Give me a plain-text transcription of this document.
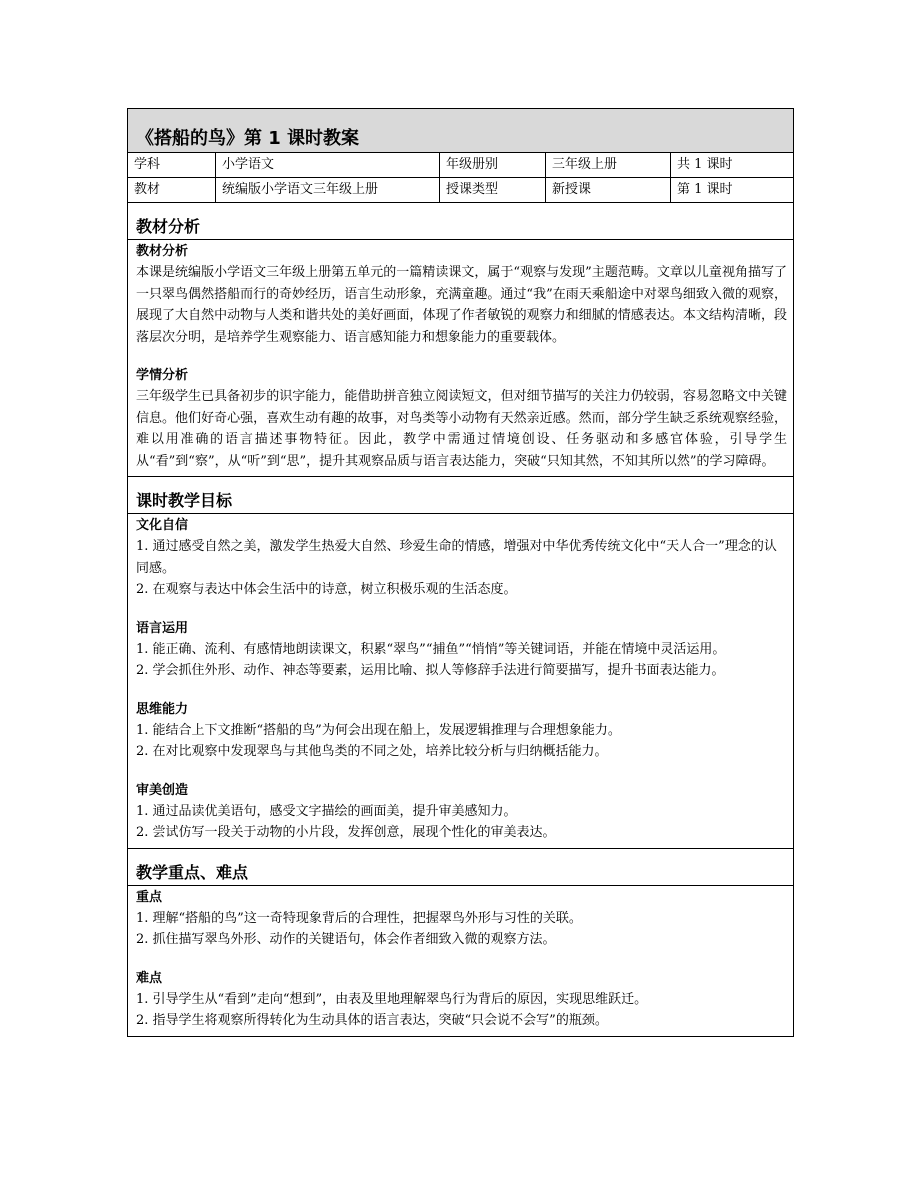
《搭船的鸟》第 1 课时教案
学科	小学语文	年级册别	三年级上册	共 1 课时
教材	统编版小学语文三年级上册	授课类型	新授课	第 1 课时
教材分析
教材分析
本课是统编版小学语文三年级上册第五单元的一篇精读课文，属于“观察与发现”主题范畴。文章以儿童视角描写了一只翠鸟偶然搭船而行的奇妙经历，语言生动形象，充满童趣。通过“我”在雨天乘船途中对翠鸟细致入微的观察，展现了大自然中动物与人类和谐共处的美好画面，体现了作者敏锐的观察力和细腻的情感表达。本文结构清晰，段落层次分明，是培养学生观察能力、语言感知能力和想象能力的重要载体。
学情分析
三年级学生已具备初步的识字能力，能借助拼音独立阅读短文，但对细节描写的关注力仍较弱，容易忽略文中关键信息。他们好奇心强，喜欢生动有趣的故事，对鸟类等小动物有天然亲近感。然而，部分学生缺乏系统观察经验，难以用准确的语言描述事物特征。因此，教学中需通过情境创设、任务驱动和多感官体验，引导学生从“看”到“察”，从“听”到“思”，提升其观察品质与语言表达能力，突破“只知其然，不知其所以然”的学习障碍。
课时教学目标
文化自信
1. 通过感受自然之美，激发学生热爱大自然、珍爱生命的情感，增强对中华优秀传统文化中“天人合一”理念的认同感。
2. 在观察与表达中体会生活中的诗意，树立积极乐观的生活态度。
语言运用
1. 能正确、流利、有感情地朗读课文，积累“翠鸟”“捕鱼”“悄悄”等关键词语，并能在情境中灵活运用。
2. 学会抓住外形、动作、神态等要素，运用比喻、拟人等修辞手法进行简要描写，提升书面表达能力。
思维能力
1. 能结合上下文推断“搭船的鸟”为何会出现在船上，发展逻辑推理与合理想象能力。
2. 在对比观察中发现翠鸟与其他鸟类的不同之处，培养比较分析与归纳概括能力。
审美创造
1. 通过品读优美语句，感受文字描绘的画面美，提升审美感知力。
2. 尝试仿写一段关于动物的小片段，发挥创意，展现个性化的审美表达。
教学重点、难点
重点
1. 理解“搭船的鸟”这一奇特现象背后的合理性，把握翠鸟外形与习性的关联。
2. 抓住描写翠鸟外形、动作的关键语句，体会作者细致入微的观察方法。
难点
1. 引导学生从“看到”走向“想到”，由表及里地理解翠鸟行为背后的原因，实现思维跃迁。
2. 指导学生将观察所得转化为生动具体的语言表达，突破“只会说不会写”的瓶颈。
